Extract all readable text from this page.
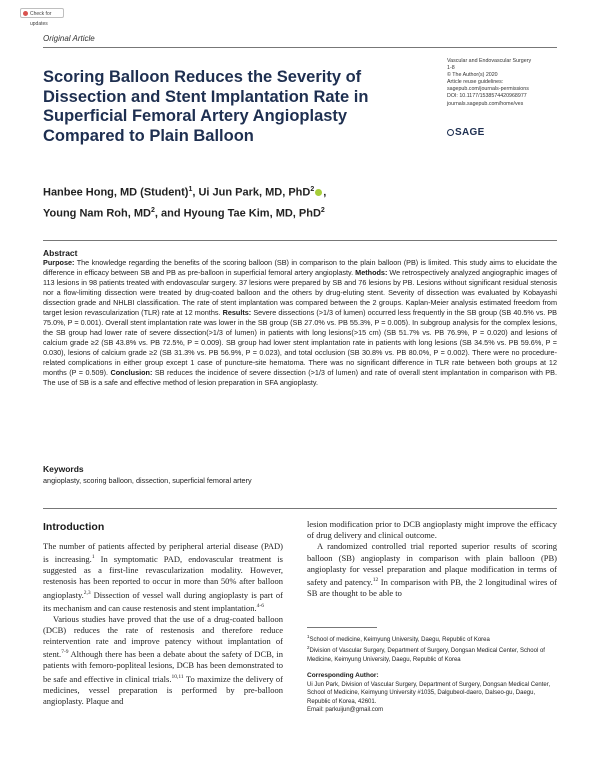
Check for updates
Original Article
Scoring Balloon Reduces the Severity of Dissection and Stent Implantation Rate in Superficial Femoral Artery Angioplasty Compared to Plain Balloon
Vascular and Endovascular Surgery
1-8
© The Author(s) 2020
Article reuse guidelines:
sagepub.com/journals-permissions
DOI: 10.1177/1538574420968977
journals.sagepub.com/home/ves
SAGE
Hanbee Hong, MD (Student)$^1$, Ui Jun Park, MD, PhD$^2$ ,
Young Nam Roh, $MD^2$, and Hyoung Tae Kim, MD, PhD$^2$
Abstract
Purpose: The knowledge regarding the benefits of the scoring balloon (SB) in comparison to the plain balloon (PB) is limited. This study aims to elucidate the difference in efficacy between SB and PB as pre-balloon in superficial femoral artery angioplasty. Methods: We retrospectively analyzed angiographic images of 113 lesions in 98 patients treated with endovascular surgery. 37 lesions were prepared by SB and 76 lesions by PB. Lesions without significant residual stenosis nor a flow-limiting dissection were treated by drug-coated balloon and the others by drug-eluting stent. Severity of dissection was evaluated by Kobayashi dissection grade and NHLBI classification. The rate of stent implantation was compared between the 2 groups. Kaplan-Meier analysis estimated freedom from target lesion revascularization (TLR) rate at 12 months. Results: Severe dissections (>1/3 of lumen) occurred less frequently in the SB group (SB 40.5% vs. PB 75.0%, P = 0.001). Overall stent implantation rate was lower in the SB group (SB 27.0% vs. PB 55.3%, P = 0.005). In subgroup analysis for the complex lesions, the SB group had lower rate of severe dissection(>1/3 of lumen) in patients with long lesions(>15 cm) (SB 51.7% vs. PB 76.9%, P = 0.020) and lesions of calcium grade ≥2 (SB 43.8% vs. PB 72.5%, P = 0.009). SB group had lower stent implantation rate in patients with long lesions (SB 34.5% vs. PB 59.6%, P = 0.030), lesions of calcium grade ≥2 (SB 31.3% vs. PB 56.9%, P = 0.023), and total occlusion (SB 30.8% vs. PB 80.0%, P = 0.002). There were no procedure-related complications in either group except 1 case of puncture-site hematoma. There was no significant difference in TLR rate between both groups at 12 months (P = 0.509). Conclusion: SB reduces the incidence of severe dissection (>1/3 of lumen) and rate of overall stent implantation in comparison with PB. The use of SB is a safe and effective method of lesion preparation in SFA angioplasty.
Keywords
angioplasty, scoring balloon, dissection, superficial femoral artery
Introduction

The number of patients affected by peripheral arterial disease (PAD) is increasing.$^1$ In symptomatic PAD, endovascular treatment is suggested as a first-line revascularization modality. However, restenosis has been reported to occur in more than 50% after balloon angioplasty.$^{2,3}$ Dissection of vessel wall during angioplasty is part of its mechanism and can cause restenosis and stent implantation.$^{4-6}$

Various studies have proved that the use of a drug-coated balloon (DCB) reduces the rate of restenosis and therefore reduce reintervention rate and improve patency without implantation of stent.$^{7-9}$ Although there has been a debate about the safety of DCB, in patients with femoro-popliteal lesions, DCB has been demonstrated to be safe and effective in clinical trials.$^{10,11}$ To maximize the delivery of medicines, vessel preparation is performed by pre-balloon angioplasty. Plaque and

lesion modification prior to DCB angioplasty might improve the efficacy of drug delivery and clinical outcome.

A randomized controlled trial reported superior results of scoring balloon (SB) angioplasty in comparison with plain balloon (PB) angioplasty for vessel preparation and plaque modification in terms of safety and patency.$^{12}$ In comparison with PB, the 2 longitudinal wires of SB are thought to be able to

$^1$School of medicine, Keimyung University, Daegu, Republic of Korea
$^2$Division of Vascular Surgery, Department of Surgery, Dongsan Medical Center, School of Medicine, Keimyung University, Daegu, Republic of Korea
Corresponding Author:
Ui Jun Park, Division of Vascular Surgery, Department of Surgery, Dongsan Medical Center, School of Medicine, Keimyung University #1035, Dalgubeol-daero, Dalseo-gu, Daegu, Republic of Korea, 42601.
Email: parkuijun@gmail.com
